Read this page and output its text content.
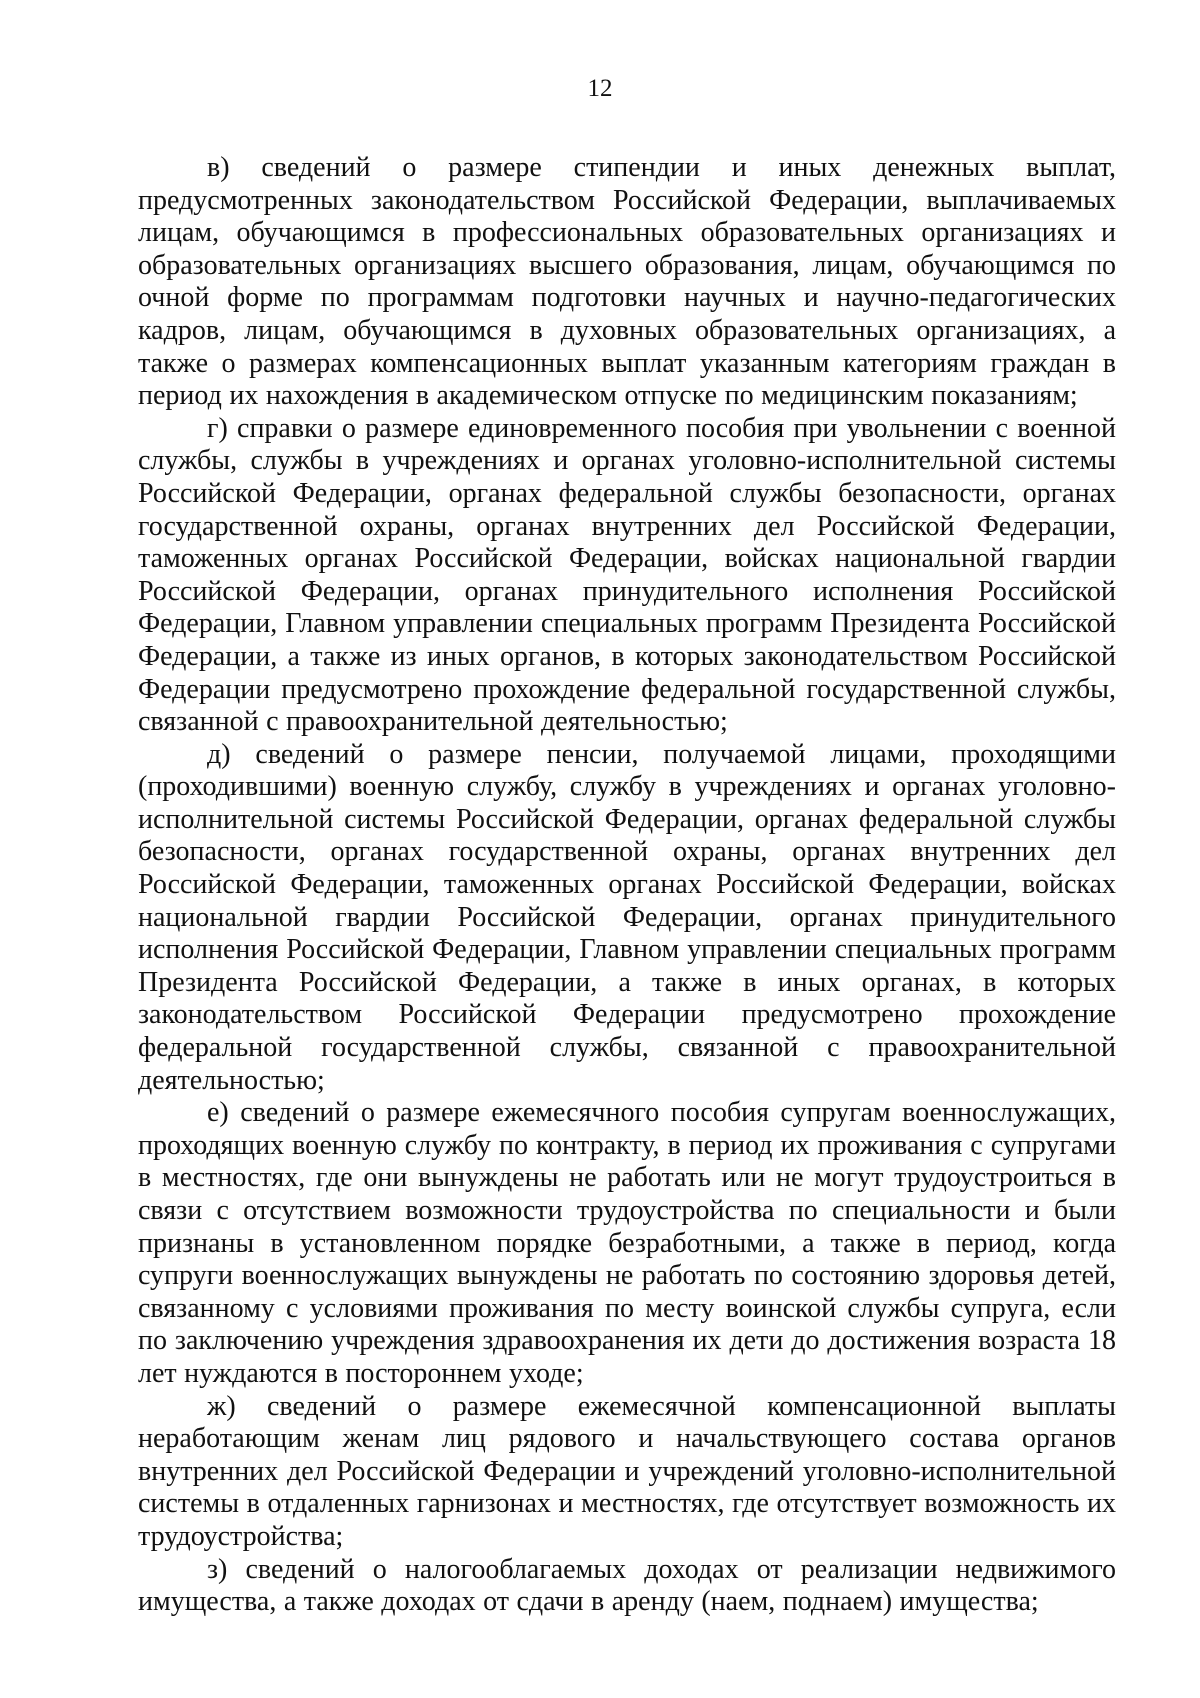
12

в) сведений о размере стипендии и иных денежных выплат, предусмотренных законодательством Российской Федерации, выплачиваемых лицам, обучающимся в профессиональных образовательных организациях и образовательных организациях высшего образования, лицам, обучающимся по очной форме по программам подготовки научных и научно-педагогических кадров, лицам, обучающимся в духовных образовательных организациях, а также о размерах компенсационных выплат указанным категориям граждан в период их нахождения в академическом отпуске по медицинским показаниям;

г) справки о размере единовременного пособия при увольнении с военной службы, службы в учреждениях и органах уголовно-исполнительной системы Российской Федерации, органах федеральной службы безопасности, органах государственной охраны, органах внутренних дел Российской Федерации, таможенных органах Российской Федерации, войсках национальной гвардии Российской Федерации, органах принудительного исполнения Российской Федерации, Главном управлении специальных программ Президента Российской Федерации, а также из иных органов, в которых законодательством Российской Федерации предусмотрено прохождение федеральной государственной службы, связанной с правоохранительной деятельностью;

д) сведений о размере пенсии, получаемой лицами, проходящими (проходившими) военную службу, службу в учреждениях и органах уголовно-исполнительной системы Российской Федерации, органах федеральной службы безопасности, органах государственной охраны, органах внутренних дел Российской Федерации, таможенных органах Российской Федерации, войсках национальной гвардии Российской Федерации, органах принудительного исполнения Российской Федерации, Главном управлении специальных программ Президента Российской Федерации, а также в иных органах, в которых законодательством Российской Федерации предусмотрено прохождение федеральной государственной службы, связанной с правоохранительной деятельностью;

е) сведений о размере ежемесячного пособия супругам военнослужащих, проходящих военную службу по контракту, в период их проживания с супругами в местностях, где они вынуждены не работать или не могут трудоустроиться в связи с отсутствием возможности трудоустройства по специальности и были признаны в установленном порядке безработными, а также в период, когда супруги военнослужащих вынуждены не работать по состоянию здоровья детей, связанному с условиями проживания по месту воинской службы супруга, если по заключению учреждения здравоохранения их дети до достижения возраста 18 лет нуждаются в постороннем уходе;

ж) сведений о размере ежемесячной компенсационной выплаты неработающим женам лиц рядового и начальствующего состава органов внутренних дел Российской Федерации и учреждений уголовно-исполнительной системы в отдаленных гарнизонах и местностях, где отсутствует возможность их трудоустройства;

з) сведений о налогооблагаемых доходах от реализации недвижимого имущества, а также доходах от сдачи в аренду (наем, поднаем) имущества;
